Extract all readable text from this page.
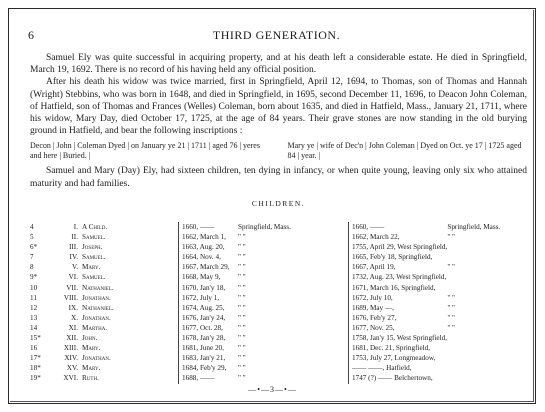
6	THIRD GENERATION.

Samuel Ely was quite successful in acquiring property, and at his death left a considerable estate. He died in Springfield, March 19, 1692. There is no record of his having held any official position.

After his death his widow was twice married, first in Springfield, April 12, 1694, to Thomas, son of Thomas and Hannah (Wright) Stebbins, who was born in 1648, and died in Springfield, in 1695, second December 11, 1696, to Deacon John Coleman, of Hatfield, son of Thomas and Frances (Welles) Coleman, born about 1635, and died in Hatfield, Mass., January 21, 1711, where his widow, Mary Day, died October 17, 1725, at the age of 84 years. Their grave stones are now standing in the old burying ground in Hatfield, and bear the following inscriptions :

Decon | John | Coleman Dyed | on January ye 21 | 1711 | aged 76 | yeres and here | Buried. |
Mary ye | wife of Dec'n | John Coleman | Dyed on Oct. ye 17 | 1725 aged 84 | year. |

Samuel and Mary (Day) Ely, had sixteen children, ten dying in infancy, or when quite young, leaving only six who attained maturity and had families.

CHILDREN.
4	I.	A Child.	1660, ——	Springfield, Mass.	1660, ——	Springfield, Mass.
5	II.	Samuel.	1662, March 1,	" "	1662, March 22,	" "
6*	III.	Joseph.	1663, Aug. 20,	" "	1755, April 29, West Springfield,	
7	IV.	Samuel.	1664, Nov. 4,	" "	1665, Feb'y 18, Springfield,	
8	V.	Mary.	1667, March 29,	" "	1667, April 19,	" "
9*	VI.	Samuel.	1668, May 9,	" "	1732, Aug. 23, West Springfield,	
10	VII.	Nathaniel.	1670, Jan'y 18,	" "	1671, March 16, Springfield,	
11	VIII.	Jonathan.	1672, July 1,	" "	1672, July 10,	" "
12	IX.	Nathaniel.	1674, Aug. 25,	" "	1689, May —,	" "
13	X.	Jonathan.	1676, Jan'y 24,	" "	1676, Feb'y 27,	" "
14	XI.	Martha.	1677, Oct. 28,	" "	1677, Nov. 25,	" "
15*	XII.	John.	1678, Jan'y 28,	" "	1758, Jan'y 15, West Springfield,	
16	XIII.	Mary.	1681, June 20,	" "	1681, Dec. 21, Springfield,	
17*	XIV.	Jonathan.	1683, Jan'y 21,	" "	1753, July 27, Longmeadow,	
18*	XV.	Mary.	1684, Feb'y 29,	" "	—— ——, Hatfield,	
19*	XVI.	Ruth.	1688, ——	" "	1747 (?) —— Belchertown,	
—•—3—•—
